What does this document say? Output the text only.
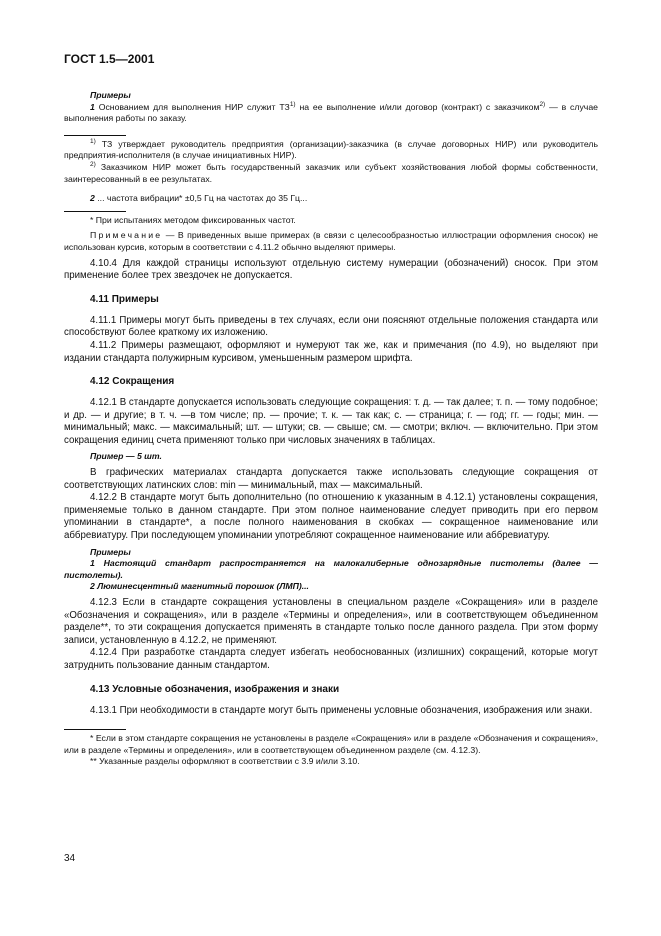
ГОСТ 1.5—2001

Примеры

1 Основанием для выполнения НИР служит ТЗ$^{1)}$ на ее выполнение и/или договор (контракт) с заказчиком$^{2)}$ — в случае выполнения работы по заказу.

$^{1)}$ ТЗ утверждает руководитель предприятия (организации)-заказчика (в случае договорных НИР) или руководитель предприятия-исполнителя (в случае инициативных НИР).

$^{2)}$ Заказчиком НИР может быть государственный заказчик или субъект хозяйствования любой формы собственности, заинтересованный в ее результатах.

2 ... частота вибрации* ±0,5 Гц на частотах до 35 Гц...

* При испытаниях методом фиксированных частот.

Примечание — В приведенных выше примерах (в связи с целесообразностью иллюстрации оформления сносок) не использован курсив, которым в соответствии с 4.11.2 обычно выделяют примеры.

4.10.4 Для каждой страницы используют отдельную систему нумерации (обозначений) сносок. При этом применение более трех звездочек не допускается.

4.11 Примеры

4.11.1 Примеры могут быть приведены в тех случаях, если они поясняют отдельные положения стандарта или способствуют более краткому их изложению.

4.11.2 Примеры размещают, оформляют и нумеруют так же, как и примечания (по 4.9), но выделяют при издании стандарта полужирным курсивом, уменьшенным размером шрифта.

4.12 Сокращения

4.12.1 В стандарте допускается использовать следующие сокращения: т. д. — так далее; т. п. — тому подобное; и др. — и другие; в т. ч. —в том числе; пр. — прочие; т. к. — так как; с. — страница; г. — год; гг. — годы; мин. — минимальный; макс. — максимальный; шт. — штуки; св. — свыше; см. — смотри; включ. — включительно. При этом сокращения единиц счета применяют только при числовых значениях в таблицах.

Пример — 5 шт.

В графических материалах стандарта допускается также использовать следующие сокращения от соответствующих латинских слов: min — минимальный, max — максимальный.

4.12.2 В стандарте могут быть дополнительно (по отношению к указанным в 4.12.1) установлены сокращения, применяемые только в данном стандарте. При этом полное наименование следует приводить при его первом упоминании в стандарте*, а после полного наименования в скобках — сокращенное наименование или аббревиатуру. При последующем упоминании употребляют сокращенное наименование или аббревиатуру.

Примеры

1 Настоящий стандарт распространяется на малокалиберные однозарядные пистолеты (далее — пистолеты).

2 Люминесцентный магнитный порошок (ЛМП)...

4.12.3 Если в стандарте сокращения установлены в специальном разделе «Сокращения» или в разделе «Обозначения и сокращения», или в разделе «Термины и определения», или в соответствующем объединенном разделе**, то эти сокращения допускается применять в стандарте только после данного раздела. При этом форму записи, установленную в 4.12.2, не применяют.

4.12.4 При разработке стандарта следует избегать необоснованных (излишних) сокращений, которые могут затруднить пользование данным стандартом.

4.13 Условные обозначения, изображения и знаки

4.13.1 При необходимости в стандарте могут быть применены условные обозначения, изображения или знаки.

* Если в этом стандарте сокращения не установлены в разделе «Сокращения» или в разделе «Обозначения и сокращения», или в разделе «Термины и определения», или в соответствующем объединенном разделе (см. 4.12.3).

** Указанные разделы оформляют в соответствии с 3.9 и/или 3.10.

34
